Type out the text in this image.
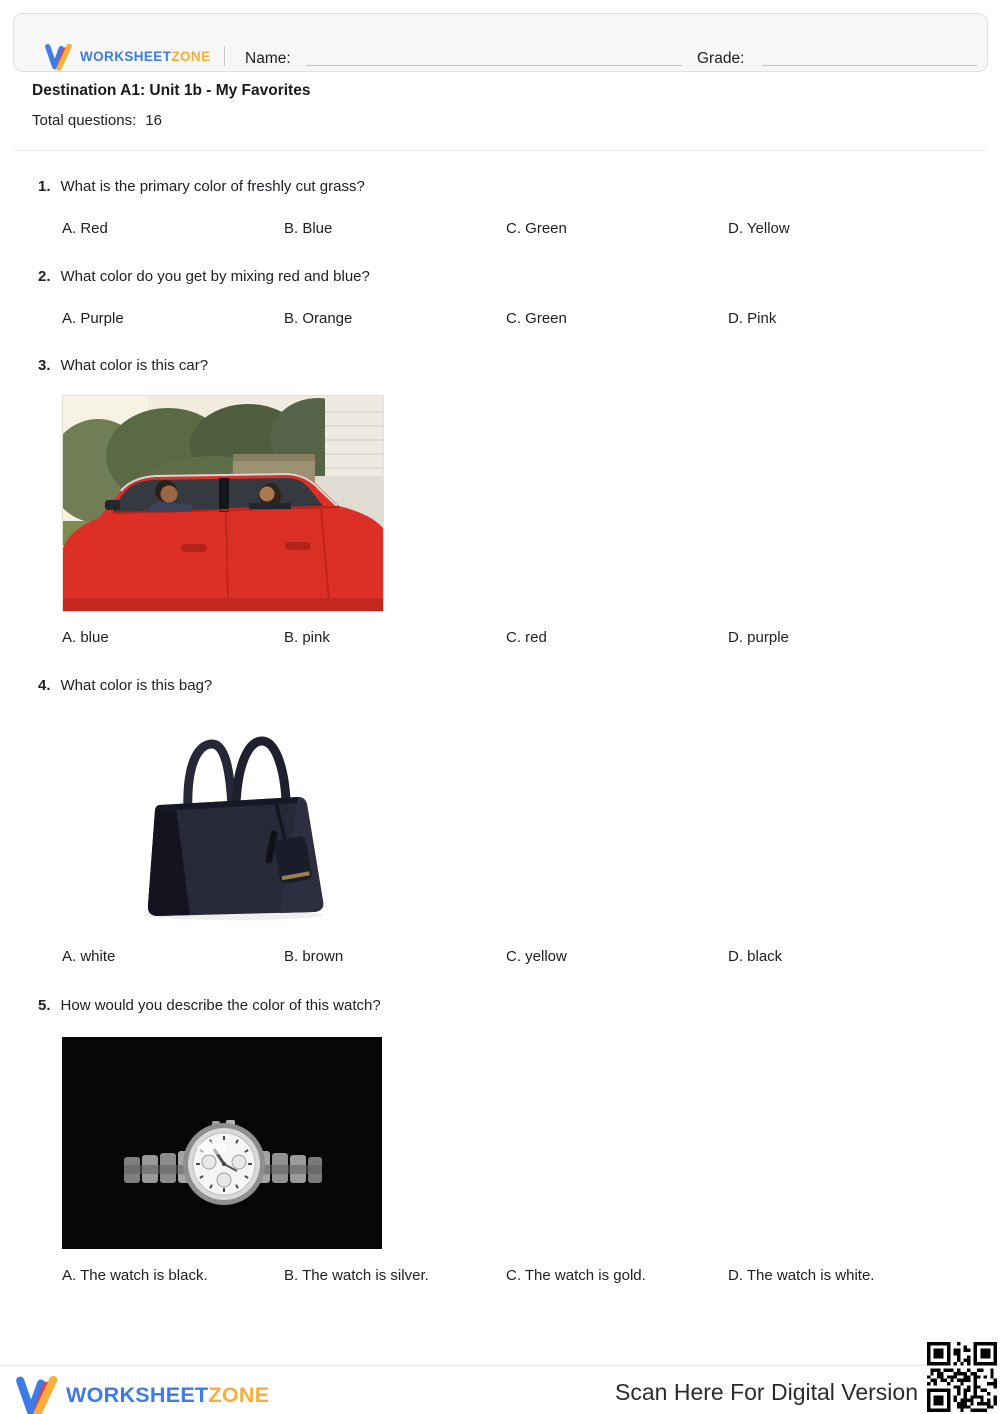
WORKSHEETZONE Name:	Grade:
Destination A1: Unit 1b - My Favorites
Total questions: 16
1. What is the primary color of freshly cut grass?
A. Red	B. Blue	C. Green	D. Yellow
2. What color do you get by mixing red and blue?
A. Purple	B. Orange	C. Green	D. Pink
3. What color is this car?
A. blue	B. pink	C. red	D. purple
4. What color is this bag?
A. white	B. brown	C. yellow	D. black
5. How would you describe the color of this watch?
A. The watch is black.	B. The watch is silver.	C. The watch is gold.	D. The watch is white.
WORKSHEETZONE	Scan Here For Digital Version
